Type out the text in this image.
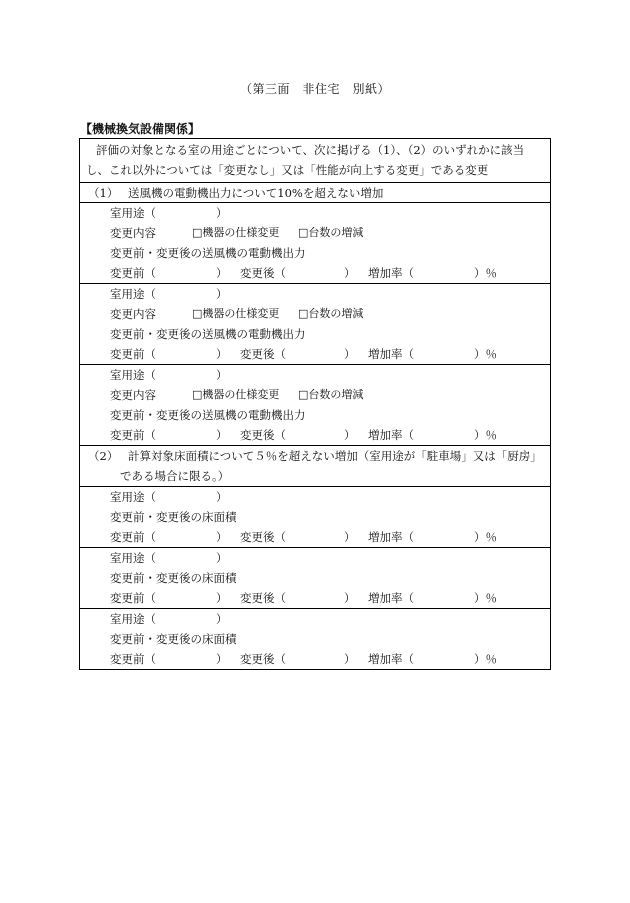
（第三面　非住宅　別紙）
【機械換気設備関係】
評価の対象となる室の用途ごとについて、次に掲げる（1）、（2）のいずれかに該当
し、これ以外については「変更なし」又は「性能が向上する変更」である変更
（1） 送風機の電動機出力について10%を超えない増加
室用途（	）
変更内容	□機器の仕様変更 □台数の増減
変更前・変更後の送風機の電動機出力
変更前（	） 変更後（	） 増加率（	）％
室用途（	）
変更内容	□機器の仕様変更 □台数の増減
変更前・変更後の送風機の電動機出力
変更前（	） 変更後（	） 増加率（	）％
室用途（	）
変更内容	□機器の仕様変更 □台数の増減
変更前・変更後の送風機の電動機出力
変更前（	） 変更後（	） 増加率（	）％
（2） 計算対象床面積について５％を超えない増加（室用途が「駐車場」又は「厨房」
である場合に限る。）
室用途（	）
変更前・変更後の床面積
変更前（	） 変更後（	） 増加率（	）％
室用途（	）
変更前・変更後の床面積
変更前（	） 変更後（	） 増加率（	）％
室用途（	）
変更前・変更後の床面積
変更前（	） 変更後（	） 増加率（	）％
